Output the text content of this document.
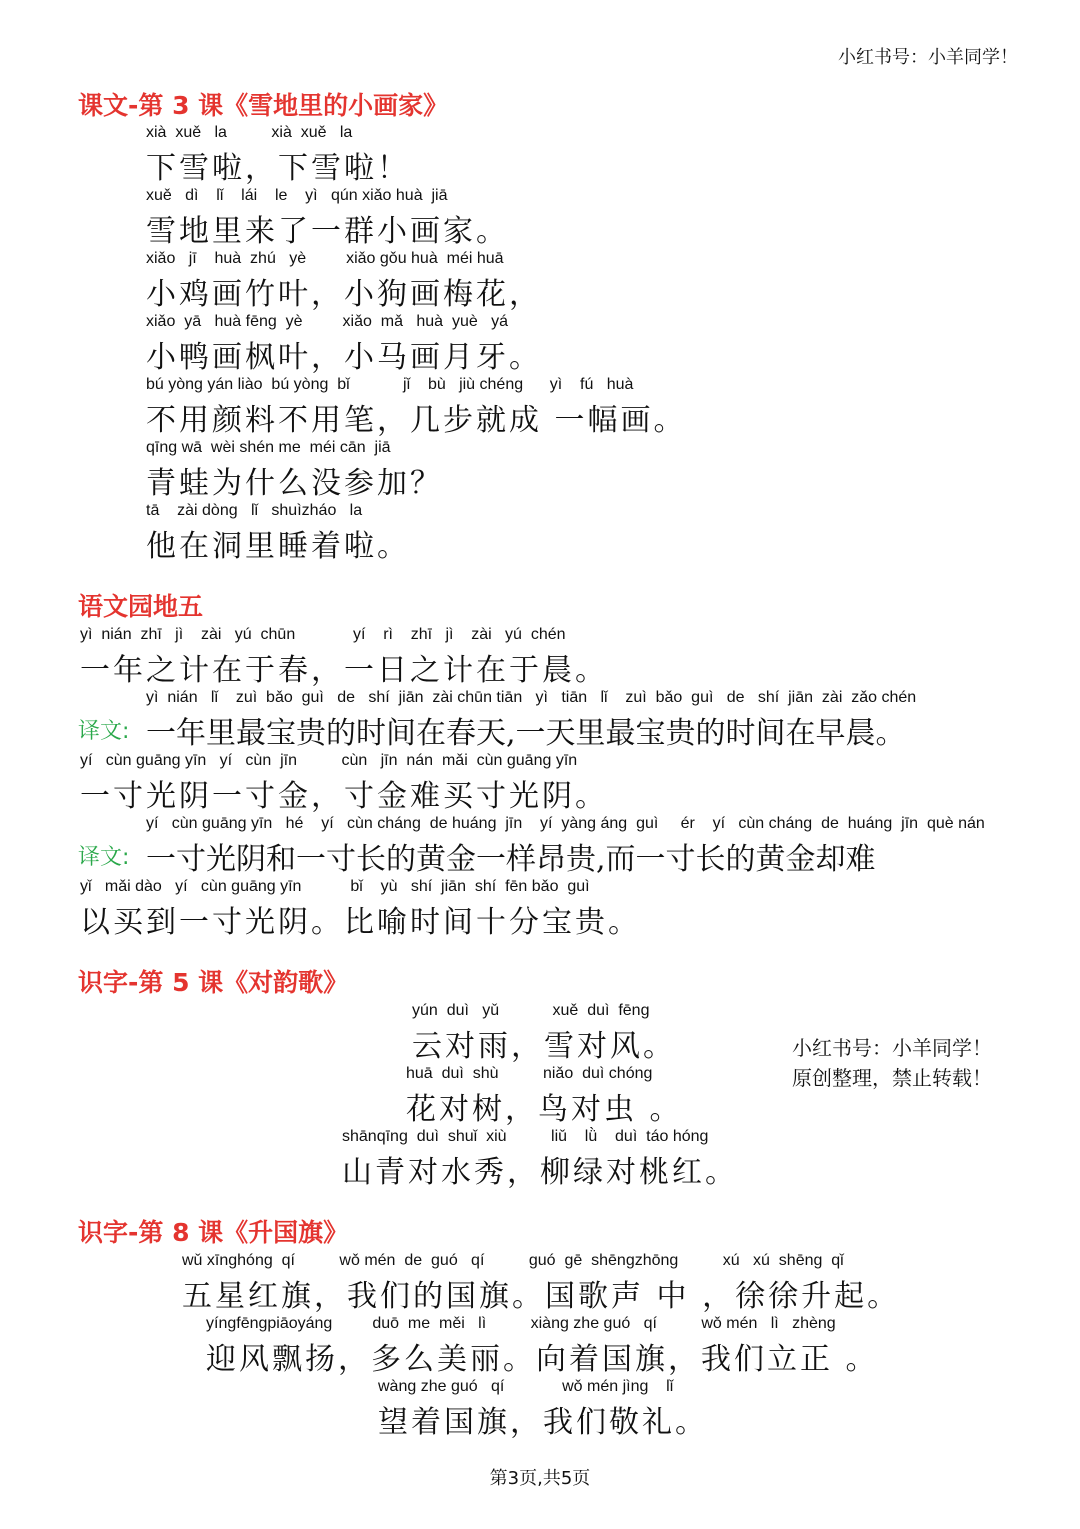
小红书号：小羊同学！
课文-第 3 课《雪地里的小画家》
xià  xuě   la          xià  xuě   la
下雪啦，下雪啦！
xuě   dì    lǐ    lái    le    yì   qún xiǎo huà  jiā
雪地里来了一群小画家。
xiǎo   jī    huà  zhú   yè         xiǎo gǒu huà  méi huā
小鸡画竹叶，小狗画梅花，
xiǎo  yā   huà fēng  yè         xiǎo  mǎ   huà  yuè   yá
小鸭画枫叶，小马画月牙。
bú yòng yán liào  bú yòng  bǐ            jǐ    bù   jiù chéng      yì    fú   huà
不用颜料不用笔，几步就成 一幅画。
qīng wā  wèi shén me  méi cān  jiā
青蛙为什么没参加？
tā    zài dòng   lǐ   shuìzháo   la
他在洞里睡着啦。
语文园地五
yì  nián  zhī   jì    zài   yú  chūn             yí    rì    zhī   jì    zài   yú  chén
一年之计在于春，一日之计在于晨。
译文:
yì  nián   lǐ    zuì  bǎo  guì   de   shí  jiān  zài chūn tiān   yì   tiān   lǐ    zuì  bǎo  guì   de   shí  jiān  zài  zǎo chén
一年里最宝贵的时间在春天,一天里最宝贵的时间在早晨。
yí   cùn guāng yīn   yí   cùn  jīn          cùn   jīn  nán  mǎi  cùn guāng yīn
一寸光阴一寸金，寸金难买寸光阴。
译文:
yí   cùn guāng yīn   hé    yí   cùn cháng  de huáng  jīn    yí  yàng áng  guì     ér    yí   cùn cháng  de  huáng  jīn  què nán
一寸光阴和一寸长的黄金一样昂贵,而一寸长的黄金却难
yǐ   mǎi dào   yí   cùn guāng yīn           bǐ    yù   shí  jiān  shí  fēn bǎo  guì
以买到一寸光阴。比喻时间十分宝贵。
识字-第 5 课《对韵歌》
yún  duì   yǔ            xuě  duì  fēng
云对雨，雪对风。
huā  duì  shù          niǎo  duì chóng
花对树，鸟对虫 。
shānqīng  duì  shuǐ  xiù          liǔ    lǜ    duì  táo hóng
山青对水秀，柳绿对桃红。
小红书号：小羊同学！
原创整理，禁止转载！
识字-第 8 课《升国旗》
wǔ xīnghóng  qí          wǒ mén  de  guó   qí          guó  gē  shēngzhōng          xú   xú  shēng  qǐ
五星红旗，我们的国旗。国歌声 中 ，徐徐升起。
yíngfēngpiāoyáng         duō  me  měi   lì          xiàng zhe guó   qí          wǒ mén   lì   zhèng
迎风飘扬，多么美丽。向着国旗，我们立正 。
wàng zhe guó   qí             wǒ mén jìng    lǐ
望着国旗，我们敬礼。
第3页,共5页
